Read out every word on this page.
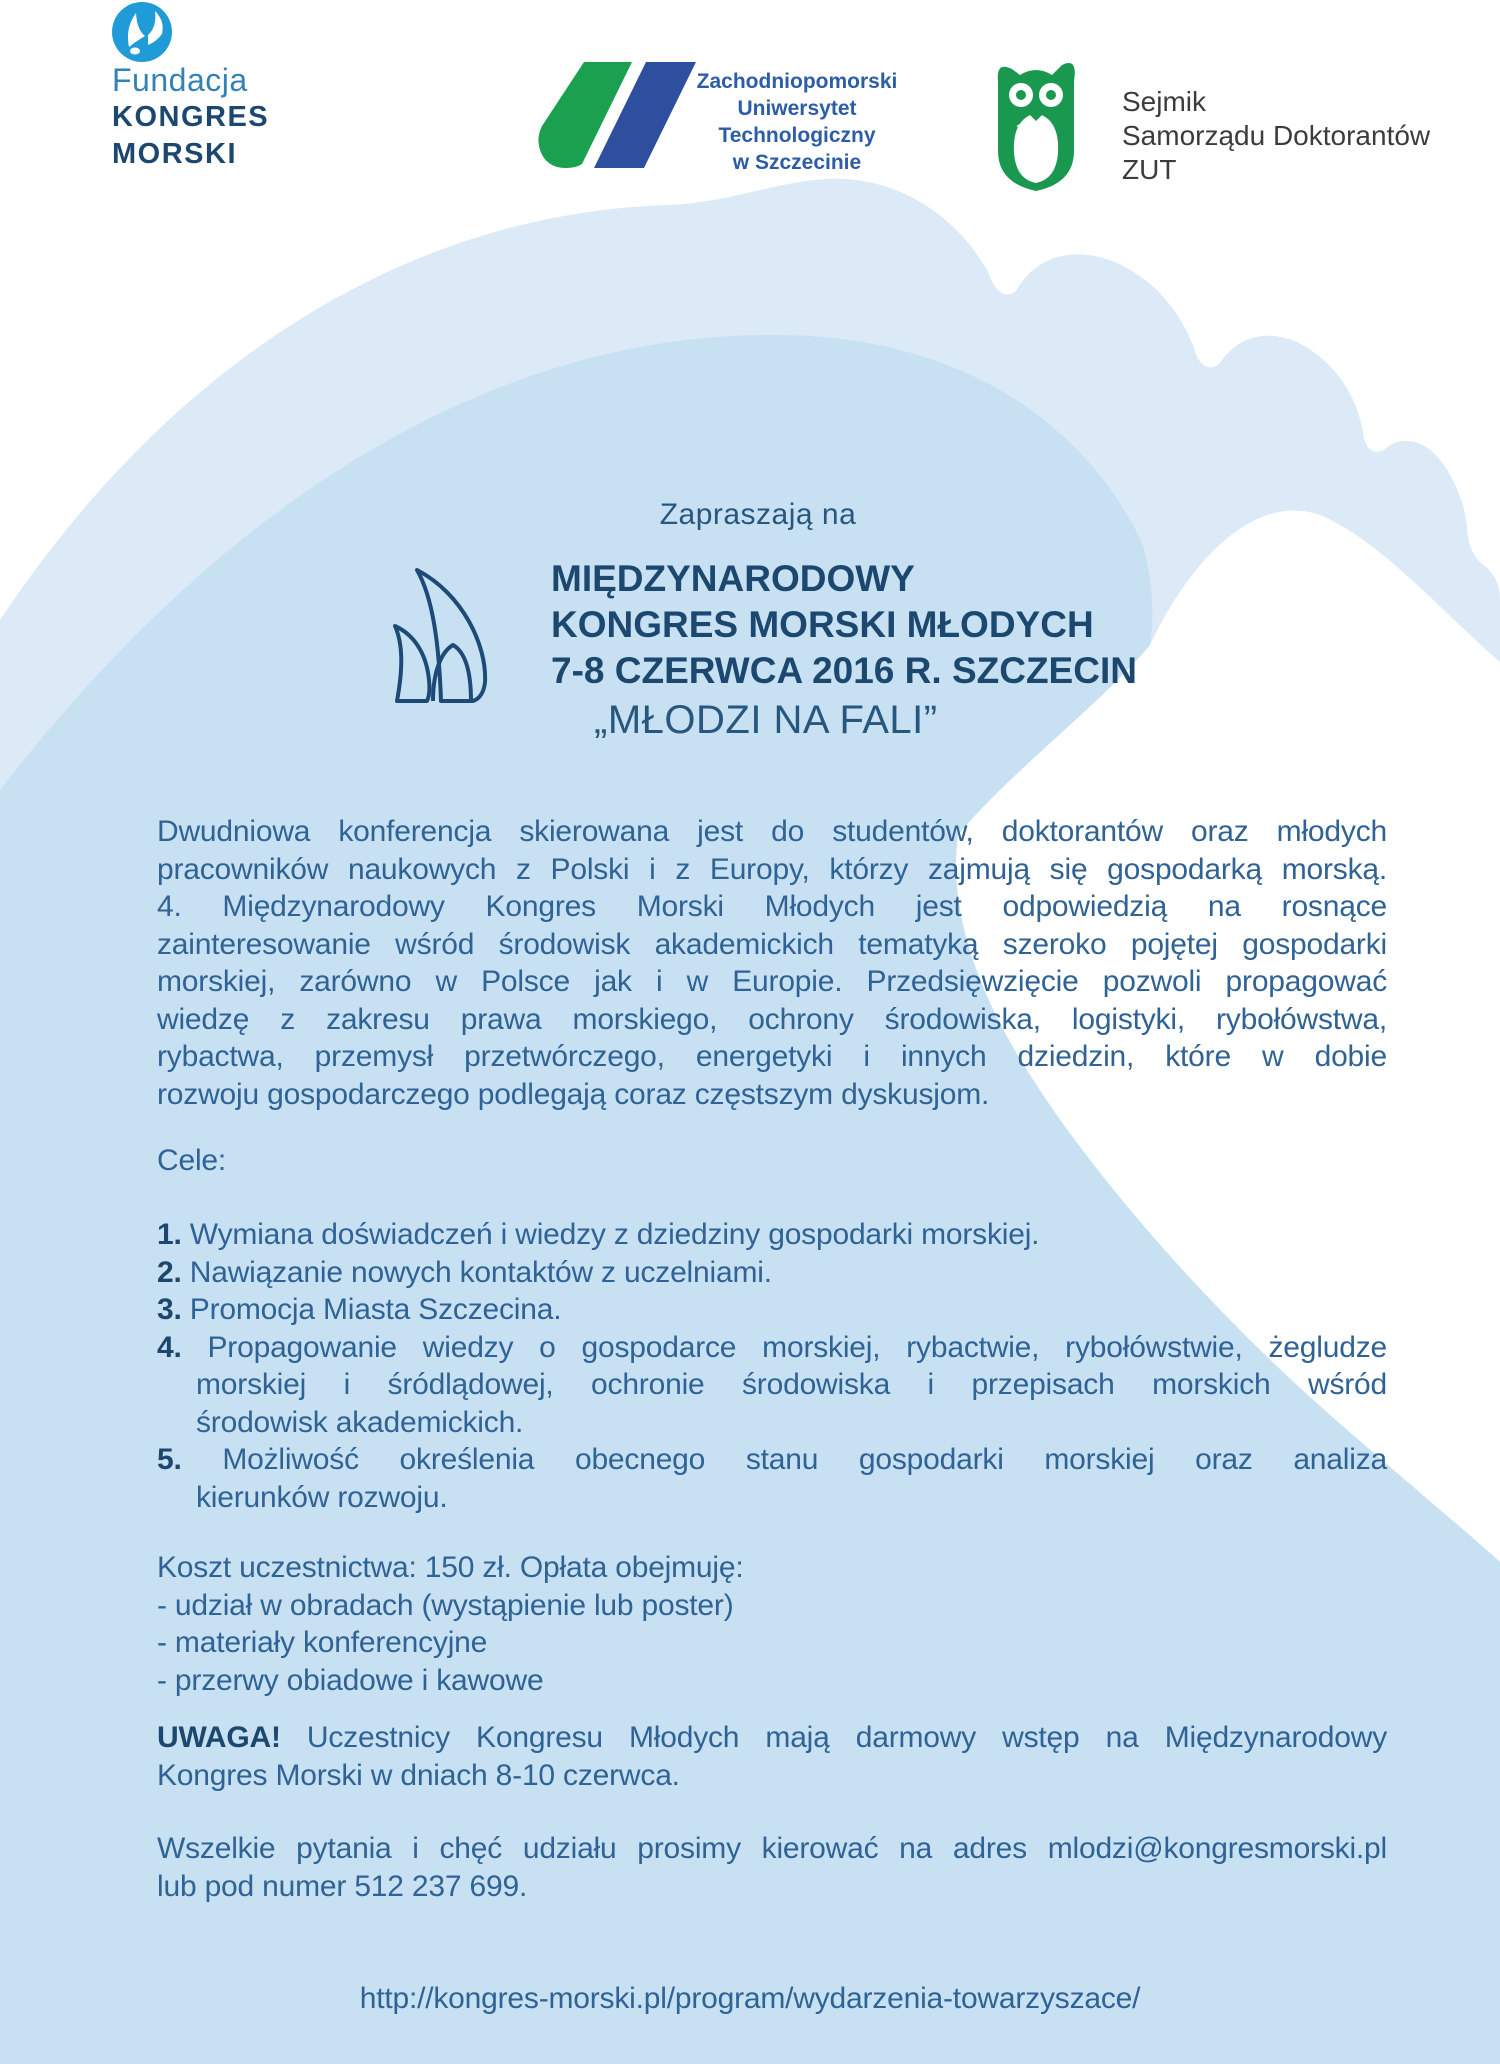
Fundacja
KONGRES
MORSKI
Zachodniopomorski
Uniwersytet
Technologiczny
w Szczecinie
Sejmik
Samorządu Doktorantów
ZUT
Zapraszają na
MIĘDZYNARODOWY
KONGRES MORSKI MŁODYCH
7-8 CZERWCA 2016 R. SZCZECIN
„MŁODZI NA FALI”
Dwudniowa konferencja skierowana jest do studentów, doktorantów oraz młodych
pracowników naukowych z Polski i z Europy, którzy zajmują się gospodarką morską.
4. Międzynarodowy Kongres Morski Młodych jest odpowiedzią na rosnące
zainteresowanie wśród środowisk akademickich tematyką szeroko pojętej gospodarki
morskiej, zarówno w Polsce jak i w Europie. Przedsięwzięcie pozwoli propagować
wiedzę z zakresu prawa morskiego, ochrony środowiska, logistyki, rybołówstwa,
rybactwa, przemysł przetwórczego, energetyki i innych dziedzin, które w dobie
rozwoju gospodarczego podlegają coraz częstszym dyskusjom.
Cele:
1. Wymiana doświadczeń i wiedzy z dziedziny gospodarki morskiej.
2. Nawiązanie nowych kontaktów z uczelniami.
3. Promocja Miasta Szczecina.
4. Propagowanie wiedzy o gospodarce morskiej, rybactwie, rybołówstwie, żegludze
morskiej i śródlądowej, ochronie środowiska i przepisach morskich wśród
środowisk akademickich.
5. Możliwość określenia obecnego stanu gospodarki morskiej oraz analiza
kierunków rozwoju.
Koszt uczestnictwa: 150 zł. Opłata obejmuję:
- udział w obradach (wystąpienie lub poster)
- materiały konferencyjne
- przerwy obiadowe i kawowe
UWAGA! Uczestnicy Kongresu Młodych mają darmowy wstęp na Międzynarodowy
Kongres Morski w dniach 8-10 czerwca.
Wszelkie pytania i chęć udziału prosimy kierować na adres mlodzi@kongresmorski.pl
lub pod numer 512 237 699.
http://kongres-morski.pl/program/wydarzenia-towarzyszace/
